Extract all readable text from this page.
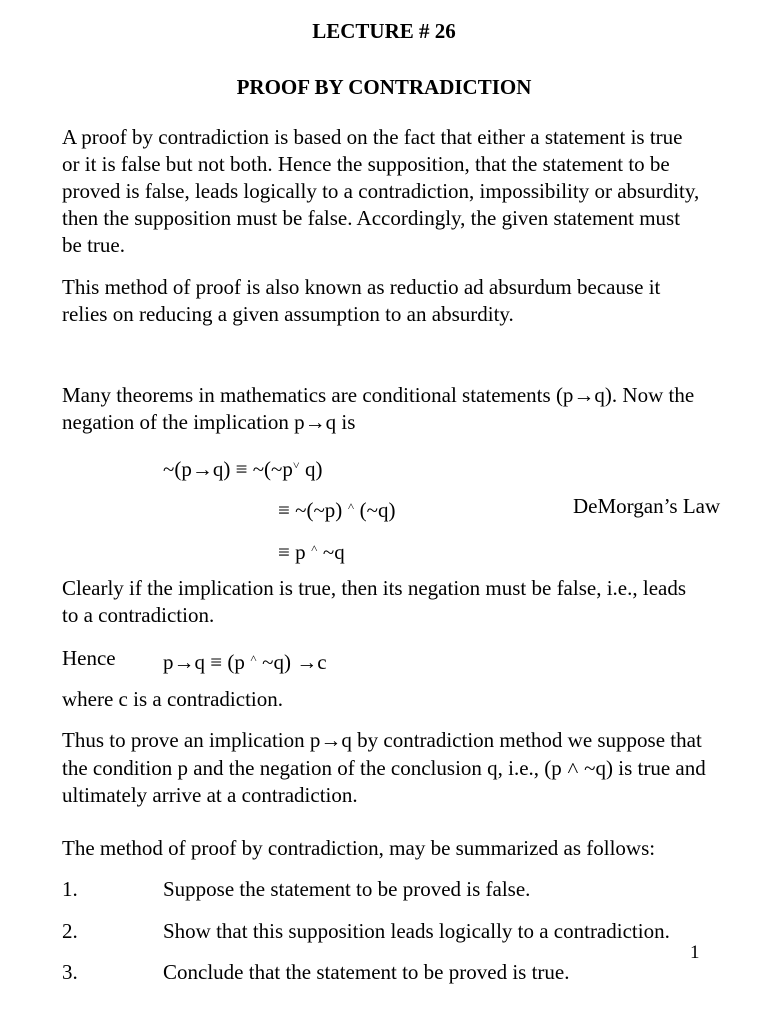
LECTURE # 26
PROOF BY CONTRADICTION
A proof by contradiction is based on the fact that either a statement is true
or it is false but not both. Hence the supposition, that the statement to be
proved is false, leads logically to a contradiction, impossibility or absurdity,
then the supposition must be false. Accordingly, the given statement must
be true.
This method of proof is also known as reductio ad absurdum because it
relies on reducing a given assumption to an absurdity.
Many theorems in mathematics are conditional statements (p→q). Now the
negation of the implication p→q is
~(p→q) ≡ ~(~p˅ q)
≡ ~(~p) ˄ (~q)	DeMorgan’s Law
≡ p ˄ ~q
Clearly if the implication is true, then its negation must be false, i.e., leads
to a contradiction.
Hence p→q ≡ (p ˄ ~q) →c
where c is a contradiction.
Thus to prove an implication p→q by contradiction method we suppose that
the condition p and the negation of the conclusion q, i.e., (p ˄ ~q) is true and
ultimately arrive at a contradiction.
The method of proof by contradiction, may be summarized as follows:
1.	Suppose the statement to be proved is false.
2.	Show that this supposition leads logically to a contradiction.
3.	Conclude that the statement to be proved is true.
1
